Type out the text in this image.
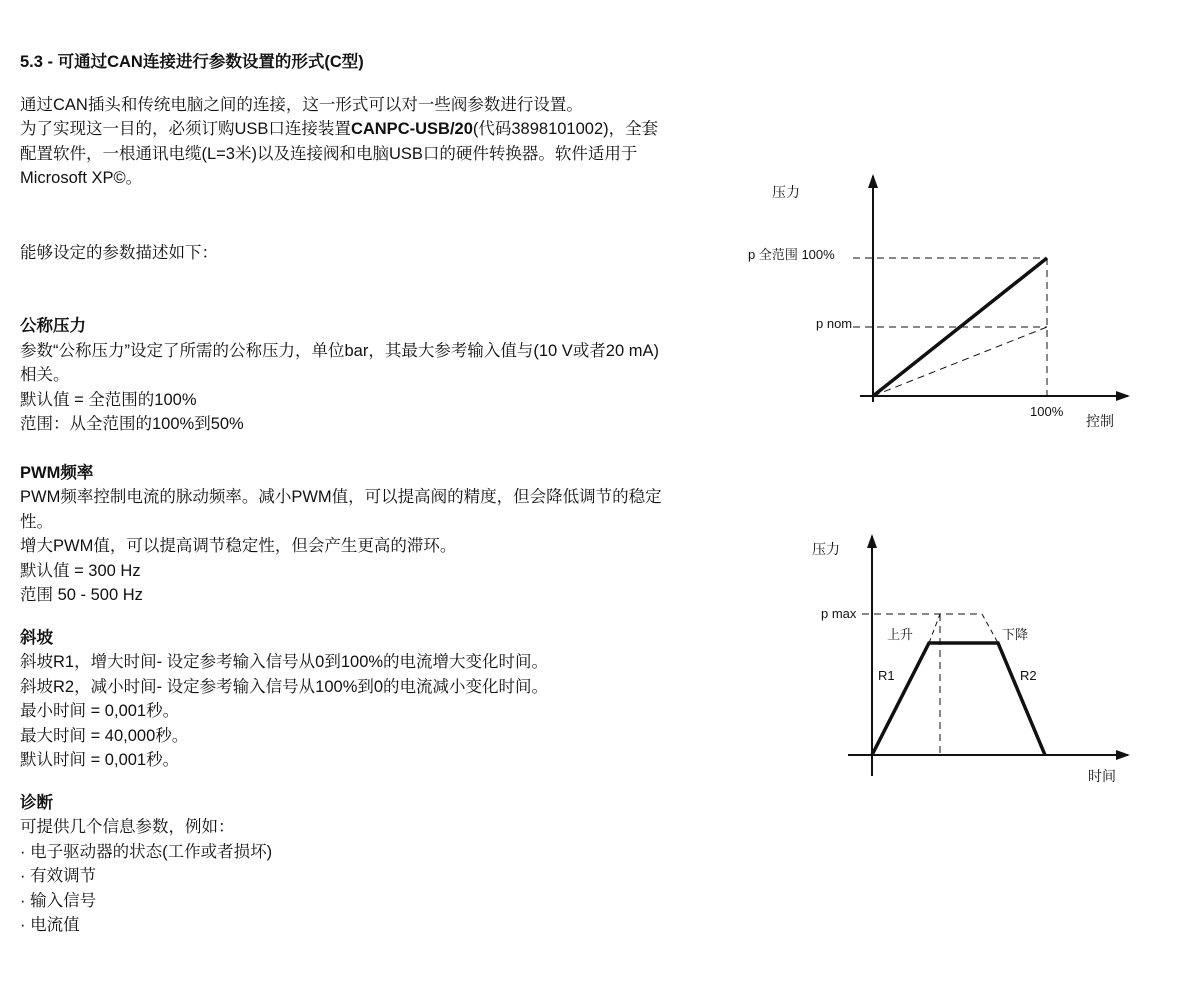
5.3 - 可通过CAN连接进行参数设置的形式(C型)

通过CAN插头和传统电脑之间的连接，这一形式可以对一些阀参数进行设置。

为了实现这一目的，必须订购USB口连接装置CANPC-USB/20(代码3898101002)，全套

配置软件，一根通讯电缆(L=3米)以及连接阀和电脑USB口的硬件转换器。软件适用于

Microsoft XP©。

能够设定的参数描述如下：

公称压力

参数“公称压力”设定了所需的公称压力，单位bar，其最大参考输入值与(10 V或者20 mA)

相关。

默认值 = 全范围的100%

范围：从全范围的100%到50%

PWM频率

PWM频率控制电流的脉动频率。减小PWM值，可以提高阀的精度，但会降低调节的稳定

性。

增大PWM值，可以提高调节稳定性，但会产生更高的滞环。

默认值 = 300 Hz

范围 50 - 500 Hz

斜坡

斜坡R1，增大时间- 设定参考输入信号从0到100%的电流增大变化时间。

斜坡R2，减小时间- 设定参考输入信号从100%到0的电流减小变化时间。

最小时间 = 0,001秒。

最大时间 = 40,000秒。

默认时间 = 0,001秒。

诊断

可提供几个信息参数，例如：

· 电子驱动器的状态(工作或者损坏)

· 有效调节

· 输入信号

· 电流值

压力
p 全范围 100%
p nom
100%
控制
压力
p max
上升	下降
R1	R2
时间
